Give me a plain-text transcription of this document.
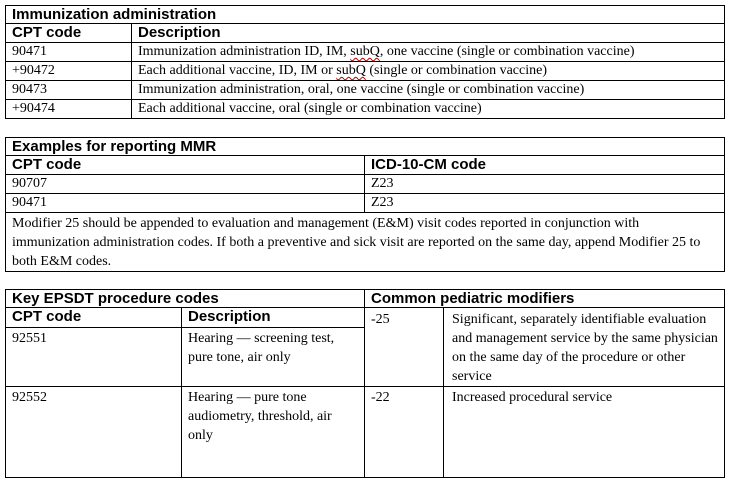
Immunization administration	
CPT code	Description
90471	Immunization administration ID, IM, subQ, one vaccine (single or combination vaccine)
+90472	Each additional vaccine, ID, IM or subQ (single or combination vaccine)
90473	Immunization administration, oral, one vaccine (single or combination vaccine)
+90474	Each additional vaccine, oral (single or combination vaccine)
Examples for reporting MMR	
CPT code	ICD-10-CM code
90707	Z23
90471	Z23
Modifier 25 should be appended to evaluation and management (E&M) visit codes reported in conjunction with immunization administration codes. If both a preventive and sick visit are reported on the same day, append Modifier 25 to both E&M codes.	
Key EPSDT procedure codes		Common pediatric modifiers	
CPT code	Description	-25	Significant, separately identifiable evaluation and management service by the same physician on the same day of the procedure or other service
92551	Hearing — screening test, pure tone, air only		
92552	Hearing — pure tone audiometry, threshold, air only	-22	Increased procedural service
